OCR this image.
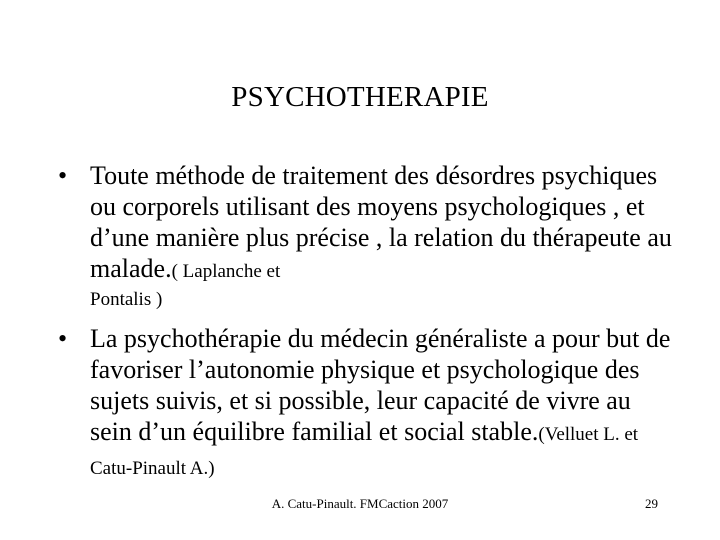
PSYCHOTHERAPIE
• Toute méthode de traitement des désordres psychiques ou corporels utilisant des moyens psychologiques , et d’une manière plus précise , la relation du thérapeute au malade.( Laplanche et
Pontalis )
• La psychothérapie du médecin généraliste a pour but de favoriser l’autonomie physique et psychologique des sujets suivis, et si possible, leur capacité de vivre au sein d’un équilibre familial et social stable.(Velluet L. et Catu-Pinault A.)
A. Catu-Pinault. FMCaction 2007	29
